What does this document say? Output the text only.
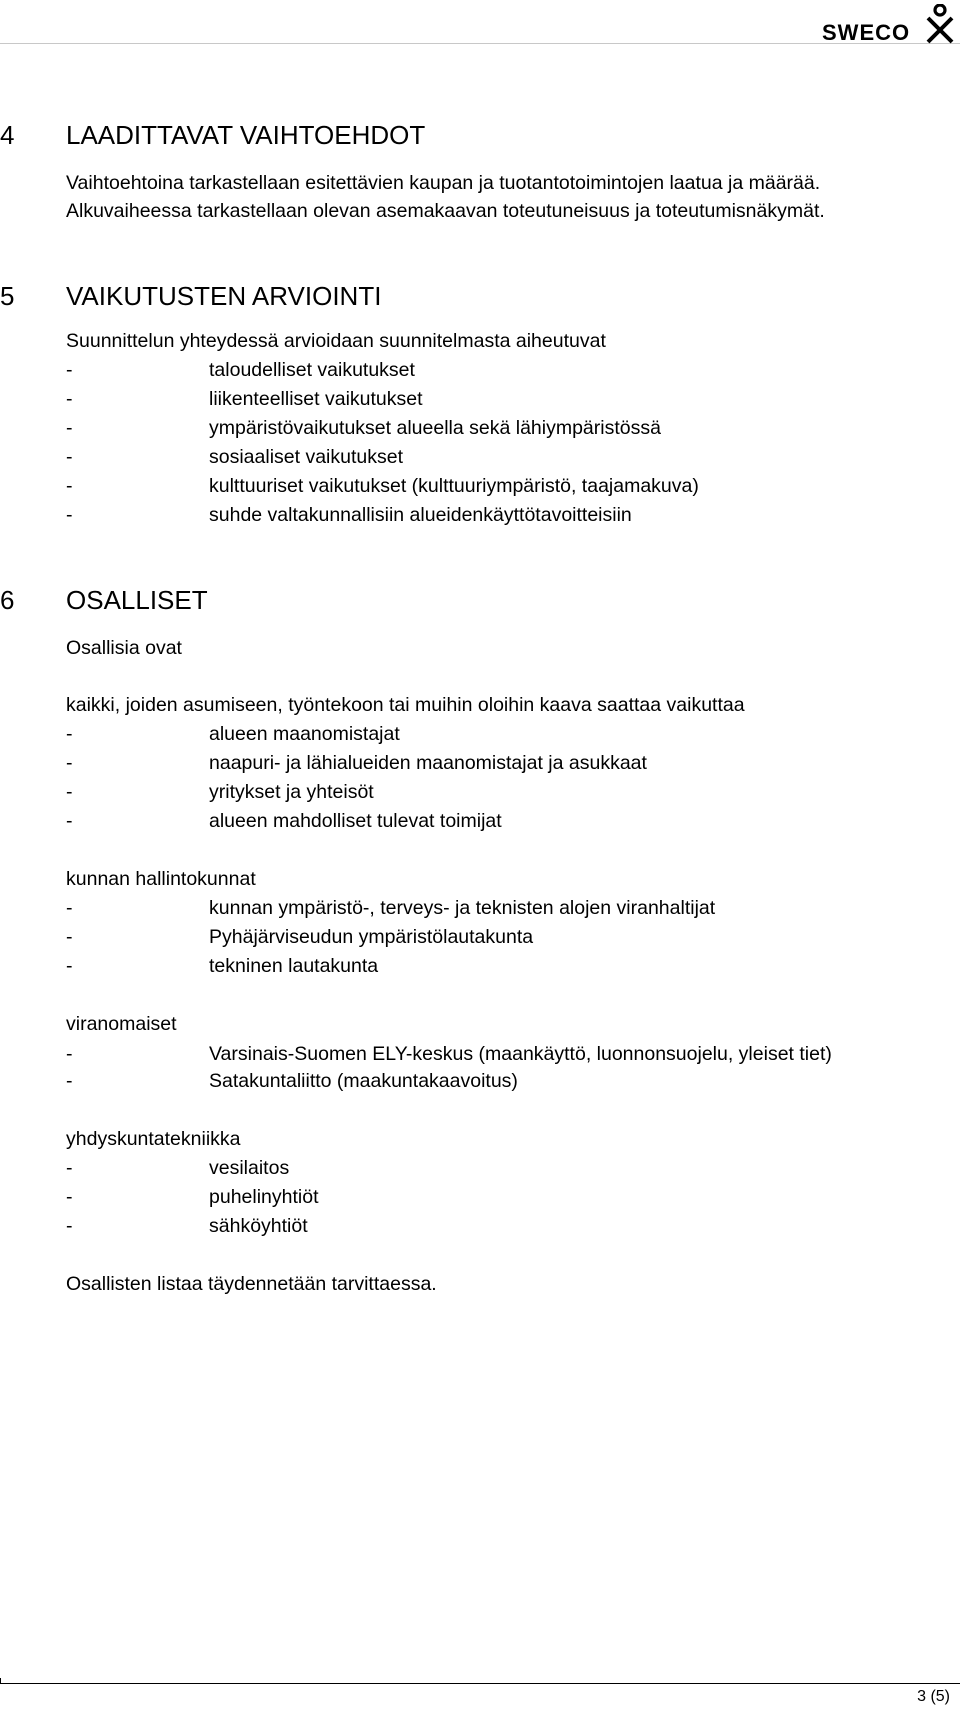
SWECO
4 LAADITTAVAT VAIHTOEHDOT
Vaihtoehtoina tarkastellaan esitettävien kaupan ja tuotantotoimintojen laatua ja määrää.
Alkuvaiheessa tarkastellaan olevan asemakaavan toteutuneisuus ja toteutumisnäkymät.
5 VAIKUTUSTEN ARVIOINTI
Suunnittelun yhteydessä arvioidaan suunnitelmasta aiheutuvat
-	taloudelliset vaikutukset
-	liikenteelliset vaikutukset
-	ympäristövaikutukset alueella sekä lähiympäristössä
-	sosiaaliset vaikutukset
-	kulttuuriset vaikutukset (kulttuuriympäristö, taajamakuva)
-	suhde valtakunnallisiin alueidenkäyttötavoitteisiin
6 OSALLISET
Osallisia ovat
kaikki, joiden asumiseen, työntekoon tai muihin oloihin kaava saattaa vaikuttaa
-	alueen maanomistajat
-	naapuri- ja lähialueiden maanomistajat ja asukkaat
-	yritykset ja yhteisöt
-	alueen mahdolliset tulevat toimijat
kunnan hallintokunnat
-	kunnan ympäristö-, terveys- ja teknisten alojen viranhaltijat
-	Pyhäjärviseudun ympäristölautakunta
-	tekninen lautakunta
viranomaiset
-	Varsinais-Suomen ELY-keskus (maankäyttö, luonnonsuojelu, yleiset tiet)
-	Satakuntaliitto (maakuntakaavoitus)
yhdyskuntatekniikka
-	vesilaitos
-	puhelinyhtiöt
-	sähköyhtiöt
Osallisten listaa täydennetään tarvittaessa.
3 (5)
